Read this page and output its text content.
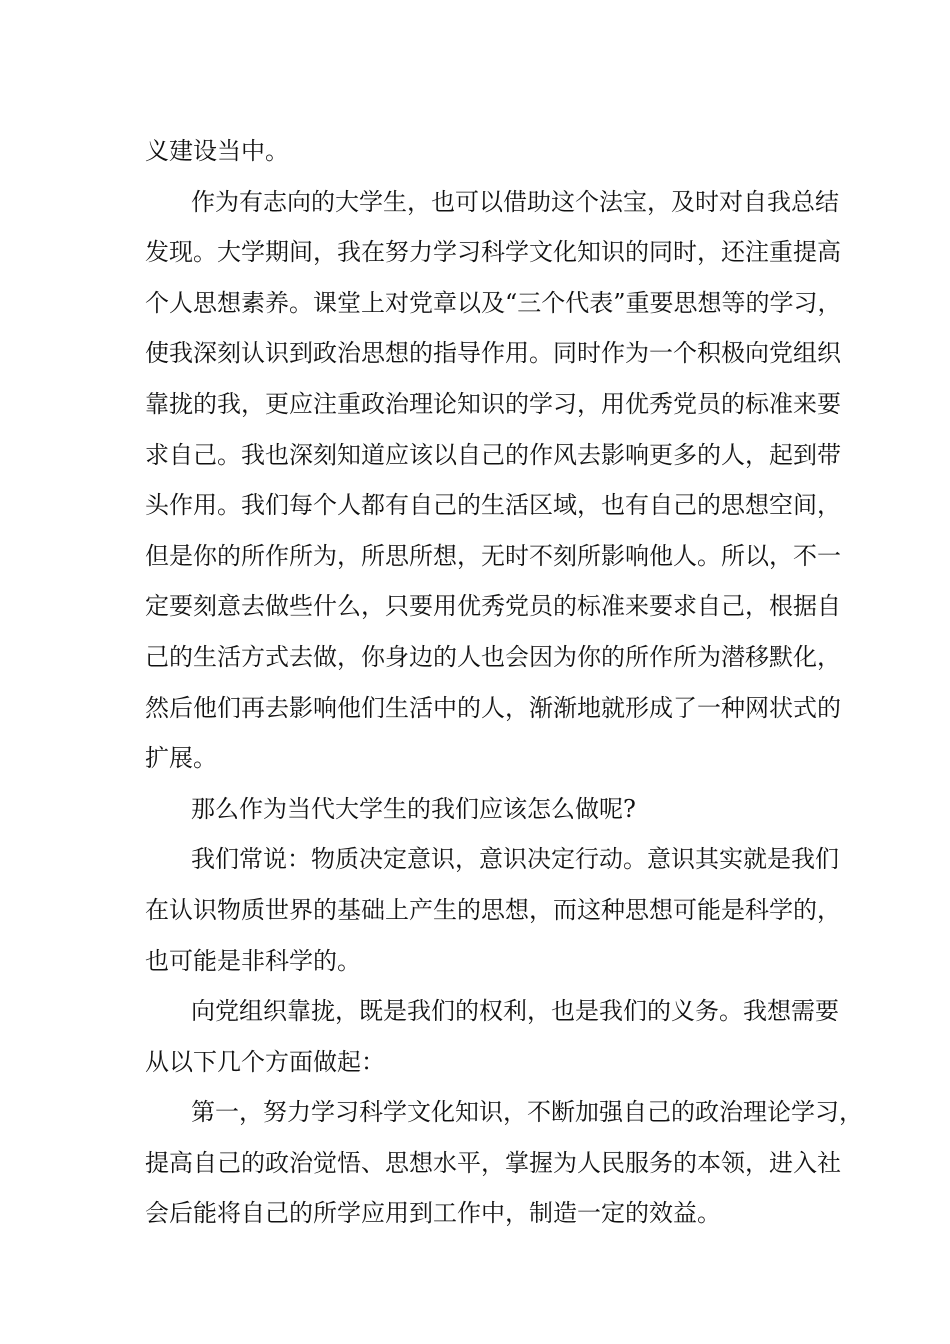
义建设当中。
作为有志向的大学生，也可以借助这个法宝，及时对自我总结
发现。大学期间，我在努力学习科学文化知识的同时，还注重提高
个人思想素养。课堂上对党章以及“三个代表”重要思想等的学习，
使我深刻认识到政治思想的指导作用。同时作为一个积极向党组织
靠拢的我，更应注重政治理论知识的学习，用优秀党员的标准来要
求自己。我也深刻知道应该以自己的作风去影响更多的人，起到带
头作用。我们每个人都有自己的生活区域，也有自己的思想空间，
但是你的所作所为，所思所想，无时不刻所影响他人。所以，不一
定要刻意去做些什么，只要用优秀党员的标准来要求自己，根据自
己的生活方式去做，你身边的人也会因为你的所作所为潜移默化，
然后他们再去影响他们生活中的人，渐渐地就形成了一种网状式的
扩展。
那么作为当代大学生的我们应该怎么做呢?
我们常说：物质决定意识，意识决定行动。意识其实就是我们
在认识物质世界的基础上产生的思想，而这种思想可能是科学的，
也可能是非科学的。
向党组织靠拢，既是我们的权利，也是我们的义务。我想需要
从以下几个方面做起：
第一，努力学习科学文化知识，不断加强自己的政治理论学习，
提高自己的政治觉悟、思想水平，掌握为人民服务的本领，进入社
会后能将自己的所学应用到工作中，制造一定的效益。
